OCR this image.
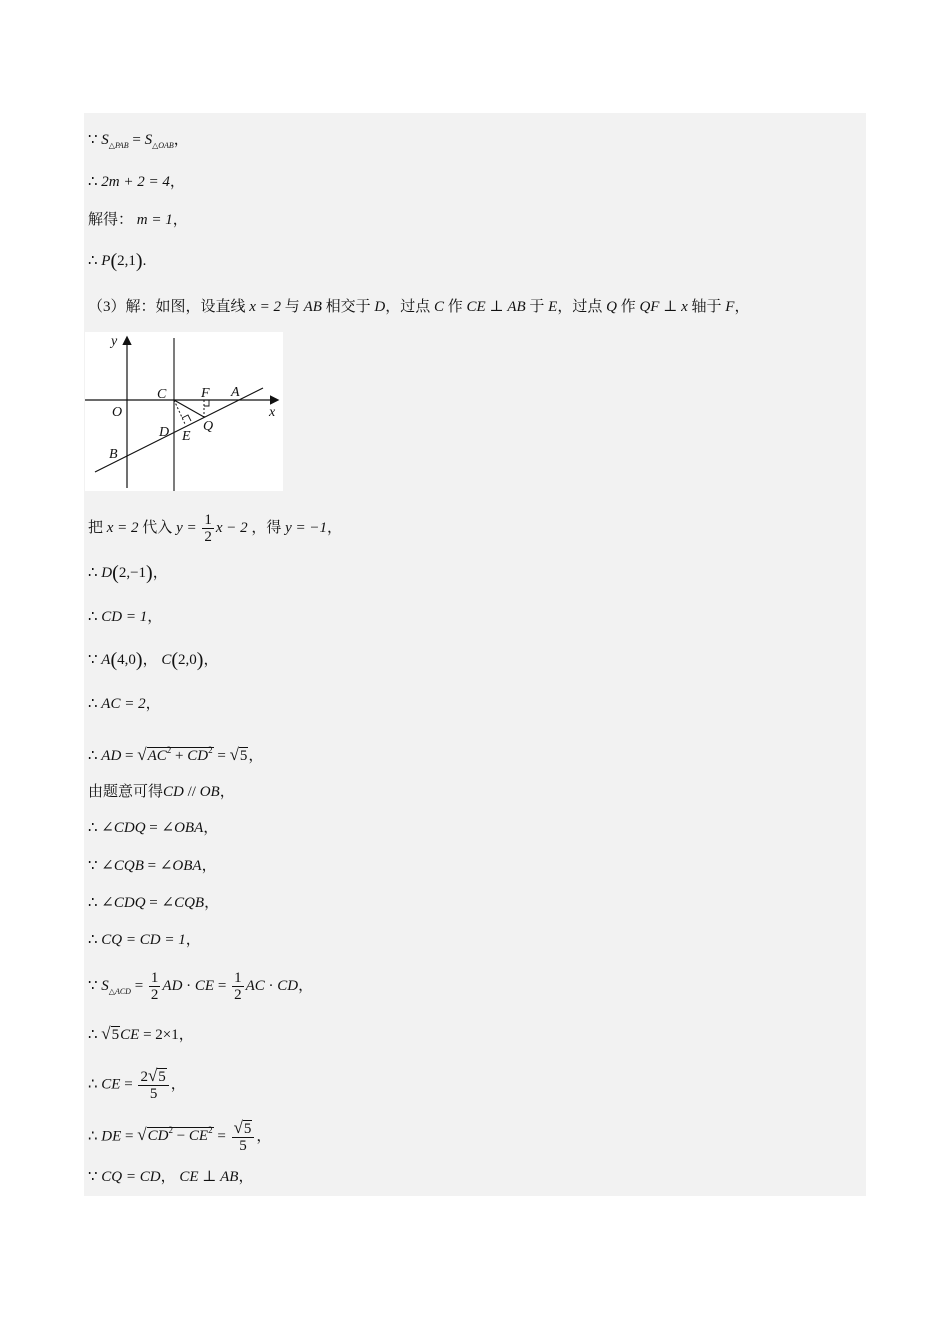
∵ $S_{\triangle PAB} = S_{\triangle OAB}$，
∴ 2m + 2 = 4，
解得： m = 1，
∴ P(2,1).
（3）解：如图，设直线 x = 2 与 AB 相交于 D，过点 C 作 CE ⊥ AB 于 E，过点 Q 作 QF ⊥ x 轴于 F，
y
x
O
C F A
D E
Q
B
把 x = 2 代入 $y = \frac{1}{2}$ x − 2 ，得 y = −1，
∴ D(2,−1)，
∴ CD = 1，
∵ A(4,0)， C(2,0)，
∴ AC = 2，
∴ AD = $√AC^2 + CD^2 = √5$，
由题意可得CD // OB，
∴ ∠CDQ = ∠OBA，
∵ ∠CQB = ∠OBA，
∴ ∠CDQ = ∠CQB，
∴ CQ = CD = 1，
∵ $S_{\triangle ACD} = \frac{1}{2}$ AD · CE = $\frac{1}{2}$ AC · CD，
∴ √5CE = 2×1，
∴ CE = $\frac{2√5}{5}$ ，
∴ DE = $√CD^2 - CE^2 = \frac{√5}{5}$ ，
∵ CQ = CD， CE ⊥ AB，
